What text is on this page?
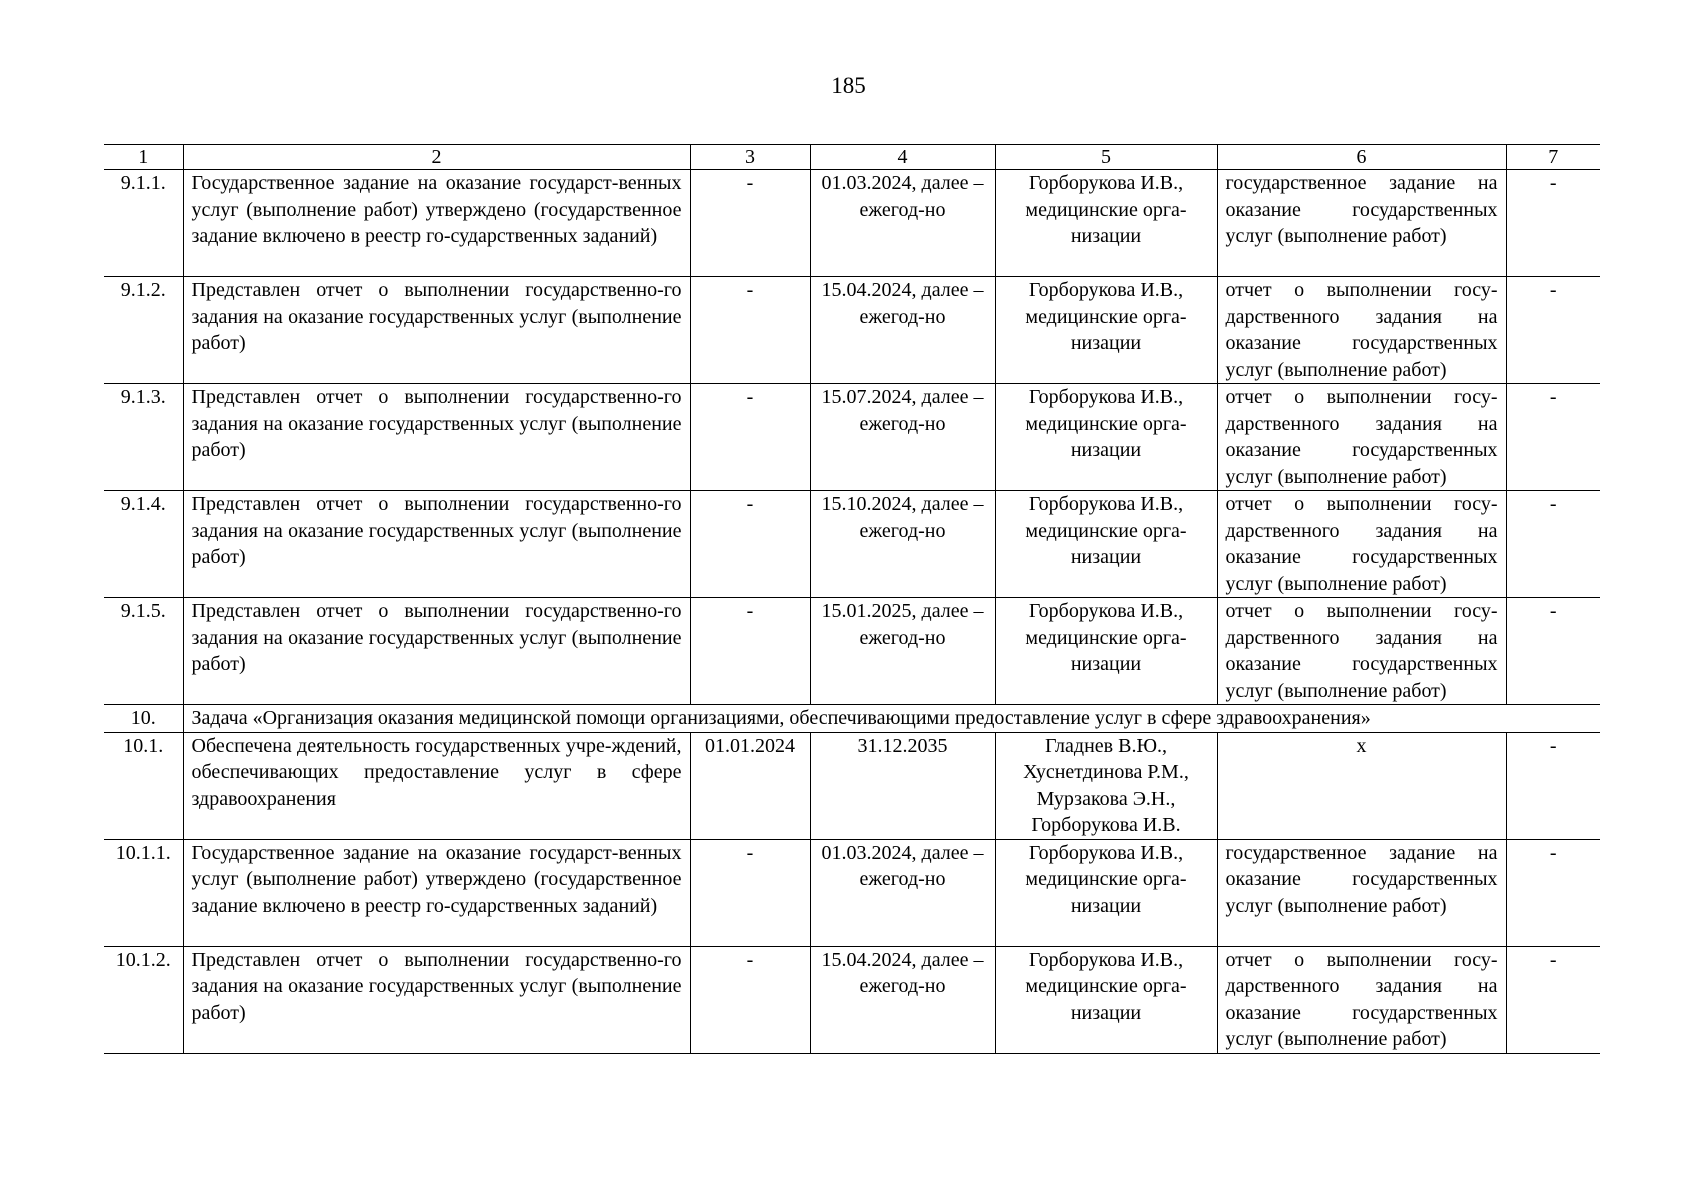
185
1	2	3	4	5	6	7
9.1.1.	Государственное задание на оказание государст-венных услуг (выполнение работ) утверждено (государственное задание включено в реестр го-сударственных заданий)	-	01.03.2024, далее – ежегод-но	Горборукова И.В., медицинские орга-низации	государственное задание на оказание государственных услуг (выполнение работ)	-
9.1.2.	Представлен отчет о выполнении государственно-го задания на оказание государственных услуг (выполнение работ)	-	15.04.2024, далее – ежегод-но	Горборукова И.В., медицинские орга-низации	отчет о выполнении госу-дарственного задания на оказание государственных услуг (выполнение работ)	-
9.1.3.	Представлен отчет о выполнении государственно-го задания на оказание государственных услуг (выполнение работ)	-	15.07.2024, далее – ежегод-но	Горборукова И.В., медицинские орга-низации	отчет о выполнении госу-дарственного задания на оказание государственных услуг (выполнение работ)	-
9.1.4.	Представлен отчет о выполнении государственно-го задания на оказание государственных услуг (выполнение работ)	-	15.10.2024, далее – ежегод-но	Горборукова И.В., медицинские орга-низации	отчет о выполнении госу-дарственного задания на оказание государственных услуг (выполнение работ)	-
9.1.5.	Представлен отчет о выполнении государственно-го задания на оказание государственных услуг (выполнение работ)	-	15.01.2025, далее – ежегод-но	Горборукова И.В., медицинские орга-низации	отчет о выполнении госу-дарственного задания на оказание государственных услуг (выполнение работ)	-
10.	Задача «Организация оказания медицинской помощи организациями, обеспечивающими предоставление услуг в сфере здравоохранения»					
10.1.	Обеспечена деятельность государственных учре-ждений, обеспечивающих предоставление услуг в сфере здравоохранения	01.01.2024	31.12.2035	Гладнев В.Ю., Хуснетдинова Р.М., Мурзакова Э.Н., Горборукова И.В.	x	-
10.1.1.	Государственное задание на оказание государст-венных услуг (выполнение работ) утверждено (государственное задание включено в реестр го-сударственных заданий)	-	01.03.2024, далее – ежегод-но	Горборукова И.В., медицинские орга-низации	государственное задание на оказание государственных услуг (выполнение работ)	-
10.1.2.	Представлен отчет о выполнении государственно-го задания на оказание государственных услуг (выполнение работ)	-	15.04.2024, далее – ежегод-но	Горборукова И.В., медицинские орга-низации	отчет о выполнении госу-дарственного задания на оказание государственных услуг (выполнение работ)	-
